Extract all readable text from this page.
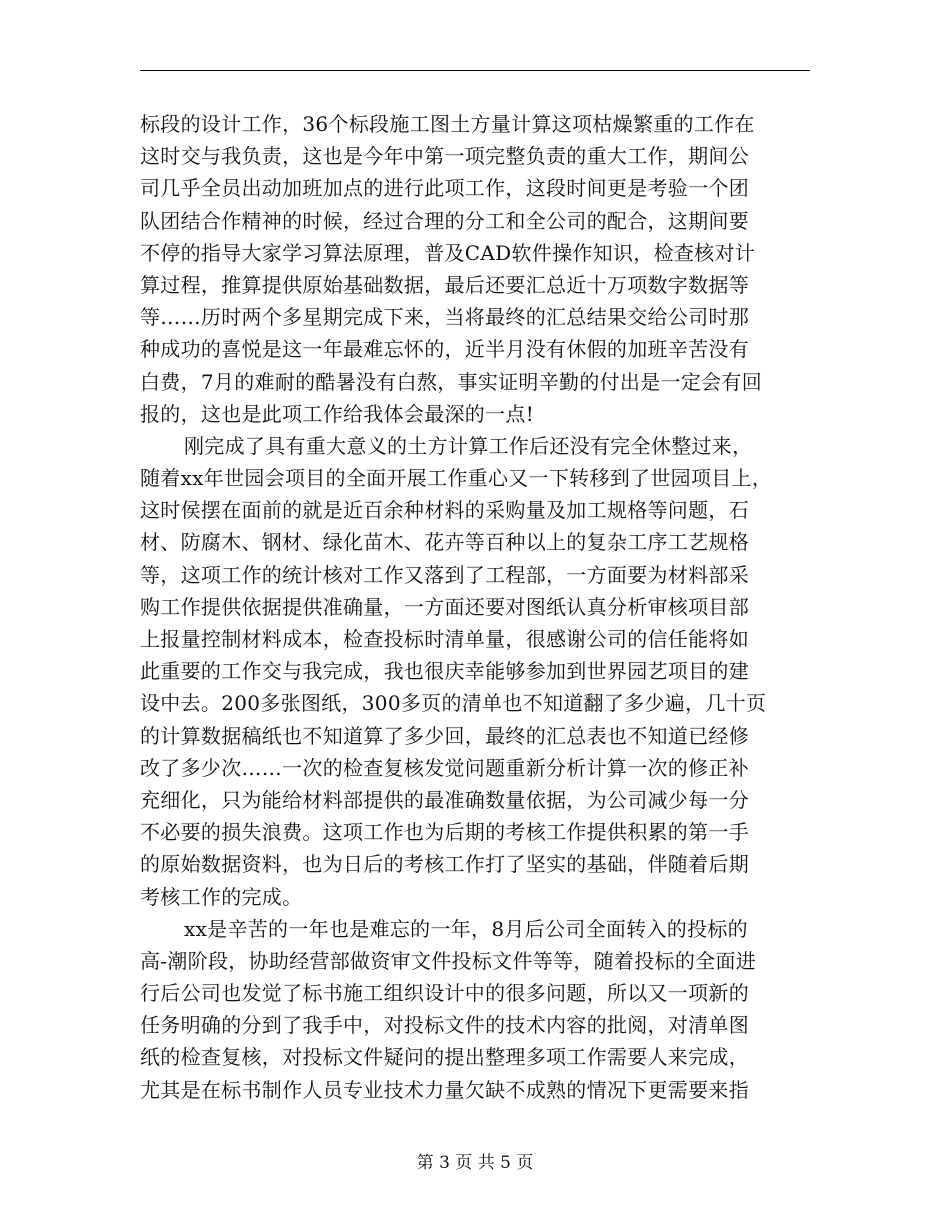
标段的设计工作，36个标段施工图土方量计算这项枯燥繁重的工作在
这时交与我负责，这也是今年中第一项完整负责的重大工作，期间公
司几乎全员出动加班加点的进行此项工作，这段时间更是考验一个团
队团结合作精神的时候，经过合理的分工和全公司的配合，这期间要
不停的指导大家学习算法原理，普及CAD软件操作知识，检查核对计
算过程，推算提供原始基础数据，最后还要汇总近十万项数字数据等
等……历时两个多星期完成下来，当将最终的汇总结果交给公司时那
种成功的喜悦是这一年最难忘怀的，近半月没有休假的加班辛苦没有
白费，7月的难耐的酷暑没有白熬，事实证明辛勤的付出是一定会有回
报的，这也是此项工作给我体会最深的一点!
刚完成了具有重大意义的土方计算工作后还没有完全休整过来，
随着xx年世园会项目的全面开展工作重心又一下转移到了世园项目上，
这时侯摆在面前的就是近百余种材料的采购量及加工规格等问题，石
材、防腐木、钢材、绿化苗木、花卉等百种以上的复杂工序工艺规格
等，这项工作的统计核对工作又落到了工程部，一方面要为材料部采
购工作提供依据提供准确量，一方面还要对图纸认真分析审核项目部
上报量控制材料成本，检查投标时清单量，很感谢公司的信任能将如
此重要的工作交与我完成，我也很庆幸能够参加到世界园艺项目的建
设中去。200多张图纸，300多页的清单也不知道翻了多少遍，几十页
的计算数据稿纸也不知道算了多少回，最终的汇总表也不知道已经修
改了多少次……一次的检查复核发觉问题重新分析计算一次的修正补
充细化，只为能给材料部提供的最准确数量依据，为公司减少每一分
不必要的损失浪费。这项工作也为后期的考核工作提供积累的第一手
的原始数据资料，也为日后的考核工作打了坚实的基础，伴随着后期
考核工作的完成。
xx是辛苦的一年也是难忘的一年，8月后公司全面转入的投标的
高-潮阶段，协助经营部做资审文件投标文件等等，随着投标的全面进
行后公司也发觉了标书施工组织设计中的很多问题，所以又一项新的
任务明确的分到了我手中，对投标文件的技术内容的批阅，对清单图
纸的检查复核，对投标文件疑问的提出整理多项工作需要人来完成，
尤其是在标书制作人员专业技术力量欠缺不成熟的情况下更需要来指
第 3 页 共 5 页
